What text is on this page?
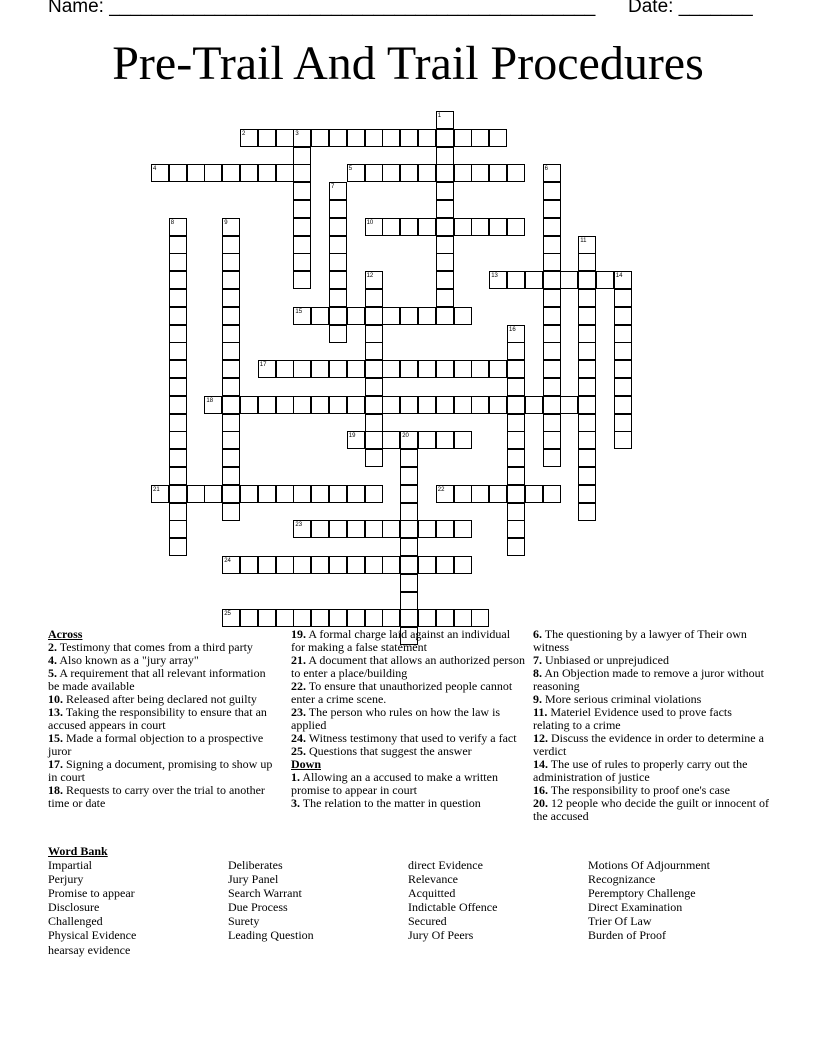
Name: ______________________________________________ Date: _______
Pre-Trail And Trail Procedures
1
2	3
4	5	6
7
8	9	10
11
12	13	14
15
16
17
18
19	20
21	22
23
24
25
Across
2. Testimony that comes from a third party
4. Also known as a "jury array"
5. A requirement that all relevant information be made available
10. Released after being declared not guilty
13. Taking the responsibility to ensure that an accused appears in court
15. Made a formal objection to a prospective juror
17. Signing a document, promising to show up in court
18. Requests to carry over the trial to another time or date
19. A formal charge laid against an individual for making a false statement
21. A document that allows an authorized person to enter a place/building
22. To ensure that unauthorized people cannot enter a crime scene.
23. The person who rules on how the law is applied
24. Witness testimony that used to verify a fact
25. Questions that suggest the answer
Down
1. Allowing an a accused to make a written promise to appear in court
3. The relation to the matter in question
6. The questioning by a lawyer of Their own witness
7. Unbiased or unprejudiced
8. An Objection made to remove a juror without reasoning
9. More serious criminal violations
11. Materiel Evidence used to prove facts relating to a crime
12. Discuss the evidence in order to determine a verdict
14. The use of rules to properly carry out the administration of justice
16. The responsibility to proof one's case
20. 12 people who decide the guilt or innocent of the accused
Word Bank
Impartial
Perjury
Promise to appear
Disclosure
Challenged
Physical Evidence
hearsay evidence
Deliberates
Jury Panel
Search Warrant
Due Process
Surety
Leading Question
direct Evidence
Relevance
Acquitted
Indictable Offence
Secured
Jury Of Peers
Motions Of Adjournment
Recognizance
Peremptory Challenge
Direct Examination
Trier Of Law
Burden of Proof
